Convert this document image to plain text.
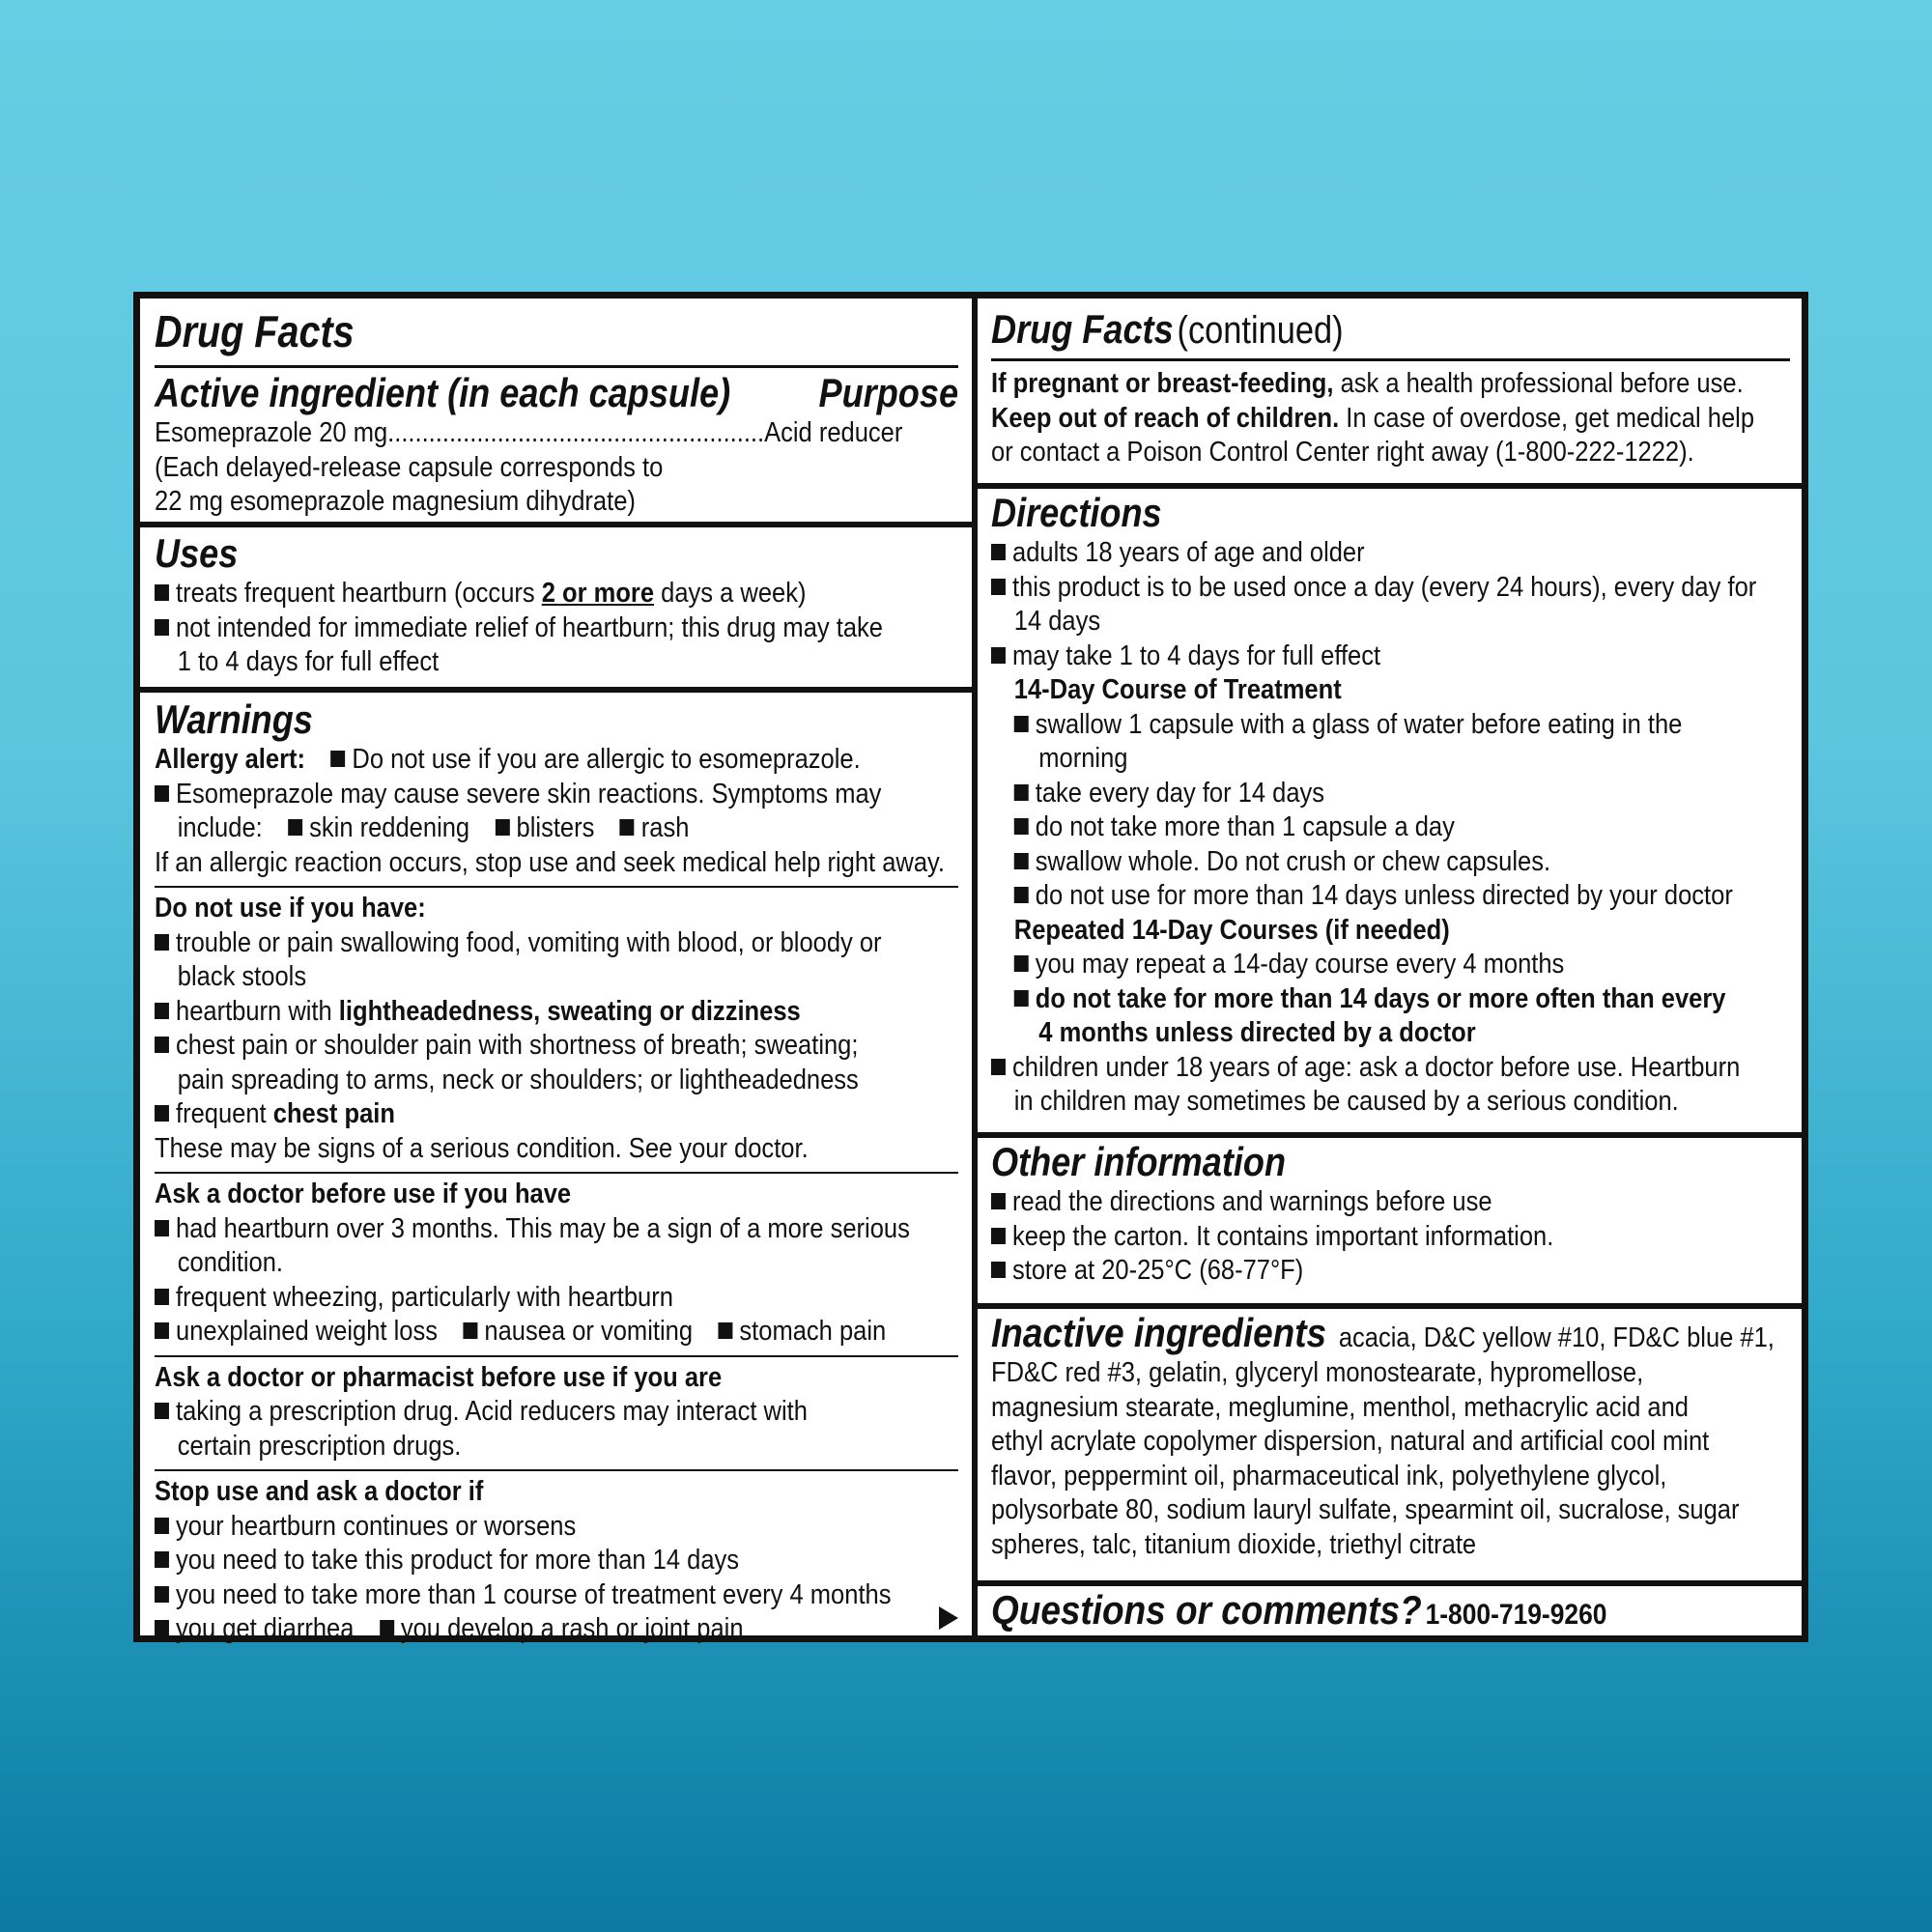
Drug Facts
Active ingredient (in each capsule)	Purpose
Esomeprazole 20 mg.......................................................Acid reducer
(Each delayed-release capsule corresponds to
22 mg esomeprazole magnesium dihydrate)
Uses
treats frequent heartburn (occurs 2 or more days a week)
not intended for immediate relief of heartburn; this drug may take
1 to 4 days for full effect
Warnings
Allergy alert: Do not use if you are allergic to esomeprazole.
Esomeprazole may cause severe skin reactions. Symptoms may
include: skin reddening blisters rash
If an allergic reaction occurs, stop use and seek medical help right away.
Do not use if you have:
trouble or pain swallowing food, vomiting with blood, or bloody or
black stools
heartburn with lightheadedness, sweating or dizziness
chest pain or shoulder pain with shortness of breath; sweating;
pain spreading to arms, neck or shoulders; or lightheadedness
frequent chest pain
These may be signs of a serious condition. See your doctor.
Ask a doctor before use if you have
had heartburn over 3 months. This may be a sign of a more serious
condition.
frequent wheezing, particularly with heartburn
unexplained weight loss nausea or vomiting stomach pain
Ask a doctor or pharmacist before use if you are
taking a prescription drug. Acid reducers may interact with
certain prescription drugs.
Stop use and ask a doctor if
your heartburn continues or worsens
you need to take this product for more than 14 days
you need to take more than 1 course of treatment every 4 months
you get diarrhea you develop a rash or joint pain
Drug Facts (continued)
If pregnant or breast-feeding, ask a health professional before use.
Keep out of reach of children. In case of overdose, get medical help
or contact a Poison Control Center right away (1-800-222-1222).
Directions
adults 18 years of age and older
this product is to be used once a day (every 24 hours), every day for
14 days
may take 1 to 4 days for full effect
14-Day Course of Treatment
swallow 1 capsule with a glass of water before eating in the
morning
take every day for 14 days
do not take more than 1 capsule a day
swallow whole. Do not crush or chew capsules.
do not use for more than 14 days unless directed by your doctor
Repeated 14-Day Courses (if needed)
you may repeat a 14-day course every 4 months
do not take for more than 14 days or more often than every
4 months unless directed by a doctor
children under 18 years of age: ask a doctor before use. Heartburn
in children may sometimes be caused by a serious condition.
Other information
read the directions and warnings before use
keep the carton. It contains important information.
store at 20-25°C (68-77°F)
Inactive ingredients acacia, D&C yellow #10, FD&C blue #1,
FD&C red #3, gelatin, glyceryl monostearate, hypromellose,
magnesium stearate, meglumine, menthol, methacrylic acid and
ethyl acrylate copolymer dispersion, natural and artificial cool mint
flavor, peppermint oil, pharmaceutical ink, polyethylene glycol,
polysorbate 80, sodium lauryl sulfate, spearmint oil, sucralose, sugar
spheres, talc, titanium dioxide, triethyl citrate
Questions or comments? 1-800-719-9260
